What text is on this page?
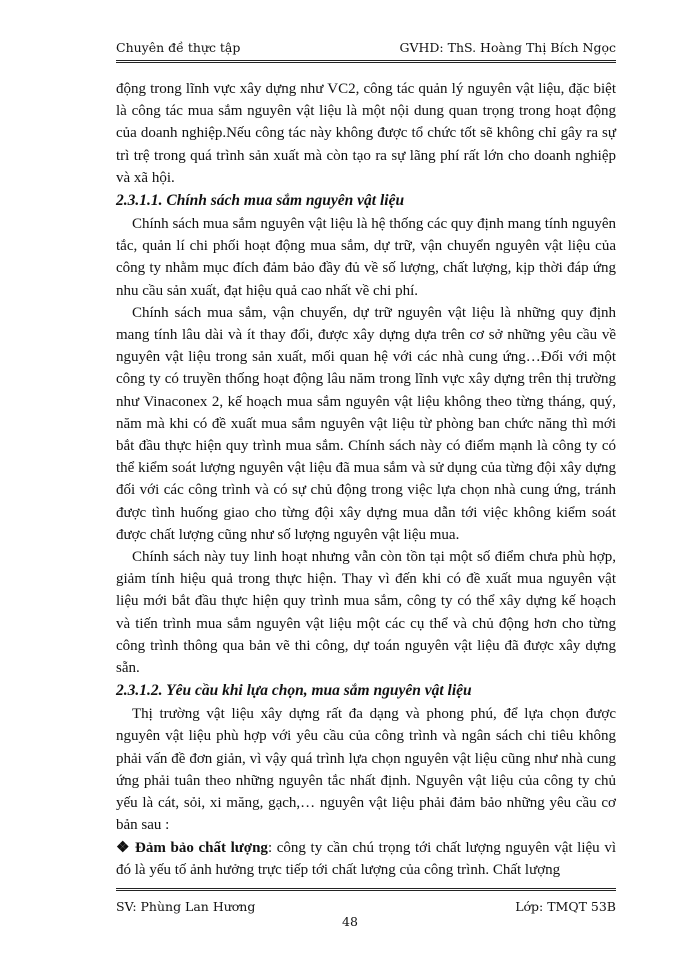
Chuyên đề thực tập	GVHD: ThS. Hoàng Thị Bích Ngọc

động trong lĩnh vực xây dựng như VC2, công tác quản lý nguyên vật liệu, đặc biệt là công tác mua sắm nguyên vật liệu là một nội dung quan trọng trong hoạt động của doanh nghiệp.Nếu công tác này không được tổ chức tốt sẽ không chỉ gây ra sự trì trệ trong quá trình sản xuất mà còn tạo ra sự lãng phí rất lớn cho doanh nghiệp và xã hội.

2.3.1.1. Chính sách mua sắm nguyên vật liệu

Chính sách mua sắm nguyên vật liệu là hệ thống các quy định mang tính nguyên tắc, quản lí chi phối hoạt động mua sắm, dự trữ, vận chuyển nguyên vật liệu của công ty nhằm mục đích đảm bảo đầy đủ về số lượng, chất lượng, kịp thời đáp ứng nhu cầu sản xuất, đạt hiệu quả cao nhất về chi phí.

Chính sách mua sắm, vận chuyển, dự trữ nguyên vật liệu là những quy định mang tính lâu dài và ít thay đổi, được xây dựng dựa trên cơ sở những yêu cầu về nguyên vật liệu trong sản xuất, mối quan hệ với các nhà cung ứng…Đối với một công ty có truyền thống hoạt động lâu năm trong lĩnh vực xây dựng trên thị trường như Vinaconex 2, kế hoạch mua sắm nguyên vật liệu không theo từng tháng, quý, năm mà khi có đề xuất mua sắm nguyên vật liệu từ phòng ban chức năng thì mới bắt đầu thực hiện quy trình mua sắm. Chính sách này có điểm mạnh là công ty có thể kiểm soát lượng nguyên vật liệu đã mua sắm và sử dụng của từng đội xây dựng đối với các công trình và có sự chủ động trong việc lựa chọn nhà cung ứng, tránh được tình huống giao cho từng đội xây dựng mua dẫn tới việc không kiểm soát được chất lượng cũng như số lượng nguyên vật liệu mua.

Chính sách này tuy linh hoạt nhưng vẫn còn tồn tại một số điểm chưa phù hợp, giảm tính hiệu quả trong thực hiện. Thay vì đến khi có đề xuất mua nguyên vật liệu mới bắt đầu thực hiện quy trình mua sắm, công ty có thể xây dựng kế hoạch và tiến trình mua sắm nguyên vật liệu một các cụ thể và chủ động hơn cho từng công trình thông qua bản vẽ thi công, dự toán nguyên vật liệu đã được xây dựng sẵn.

2.3.1.2. Yêu cầu khi lựa chọn, mua sắm nguyên vật liệu

Thị trường vật liệu xây dựng rất đa dạng và phong phú, để lựa chọn được nguyên vật liệu phù hợp với yêu cầu của công trình và ngân sách chi tiêu không phải vấn đề đơn giản, vì vậy quá trình lựa chọn nguyên vật liệu cũng như nhà cung ứng phải tuân theo những nguyên tắc nhất định. Nguyên vật liệu của công ty chủ yếu là cát, sỏi, xi măng, gạch,… nguyên vật liệu phải đảm bảo những yêu cầu cơ bản sau :

❖ Đảm bảo chất lượng: công ty cần chú trọng tới chất lượng nguyên vật liệu vì đó là yếu tố ảnh hưởng trực tiếp tới chất lượng của công trình. Chất lượng

SV: Phùng Lan Hương	Lớp: TMQT 53B
48
